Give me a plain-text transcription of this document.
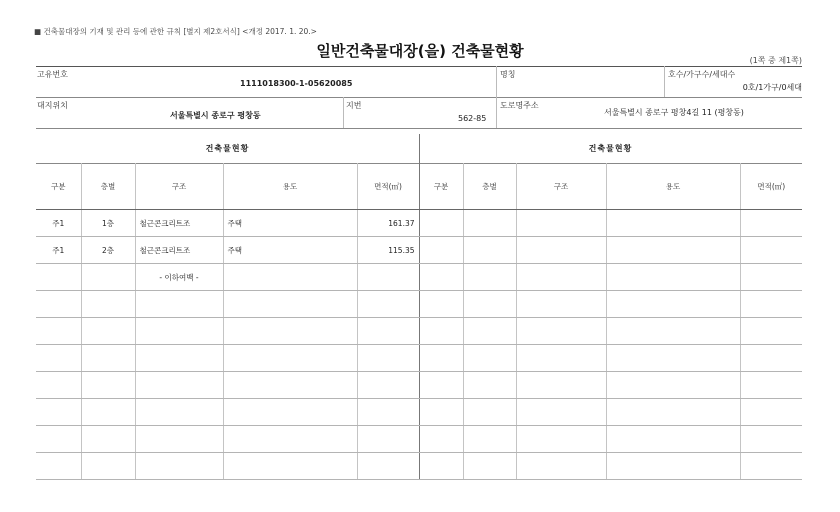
■ 건축물대장의 기재 및 관리 등에 관한 규칙 [별지 제2호서식] <개정 2017. 1. 20.>
일반건축물대장(을) 건축물현황
(1쪽 중 제1쪽)
고유번호
1111018300-1-05620085
명칭	호수/가구수/세대수
0호/1가구/0세대
대지위치
서울특별시 종로구 평창동
지번
562-85
도로명주소
서울특별시 종로구 평창4길 11 (평창동)
건축물현황	건축물현황
구분	층별	구조	용도	면적(㎡)	구분	층별	구조	용도	면적(㎡)
주1	1층	철근콘크리트조	주택	161.37					
주1	2층	철근콘크리트조	주택	115.35					
		- 이하여백 -							
